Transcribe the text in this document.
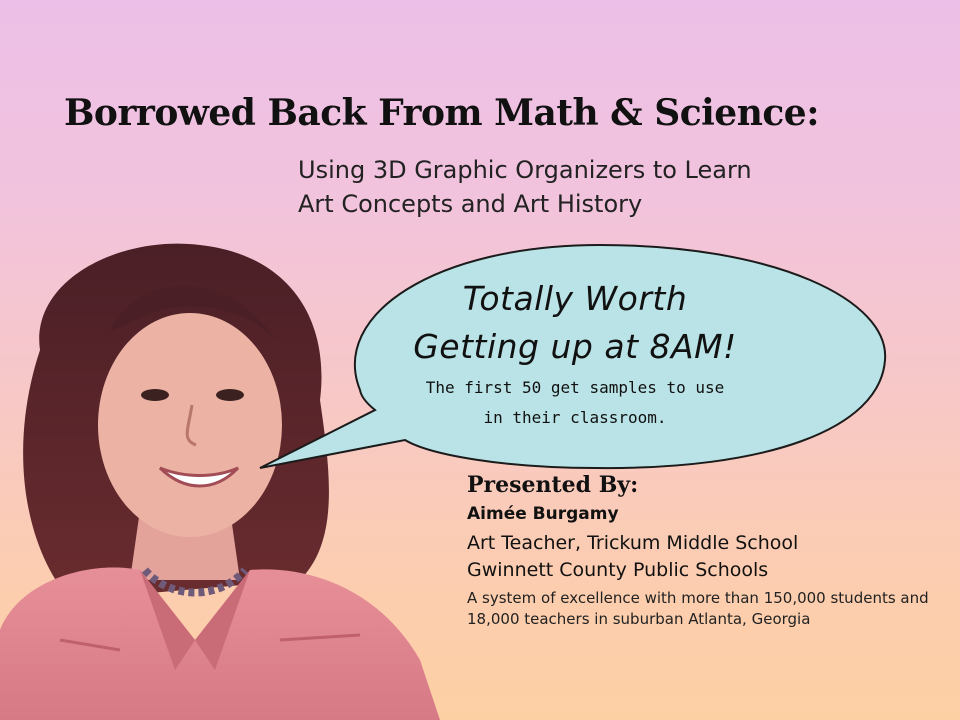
Borrowed Back From Math & Science:
Using 3D Graphic Organizers to Learn
Art Concepts and Art History
Totally Worth
Getting up at 8AM!
The first 50 get samples to use
in their classroom.
Presented By:
Aimée Burgamy
Art Teacher, Trickum Middle School
Gwinnett County Public Schools
A system of excellence with more than 150,000 students and 18,000 teachers in suburban Atlanta, Georgia
